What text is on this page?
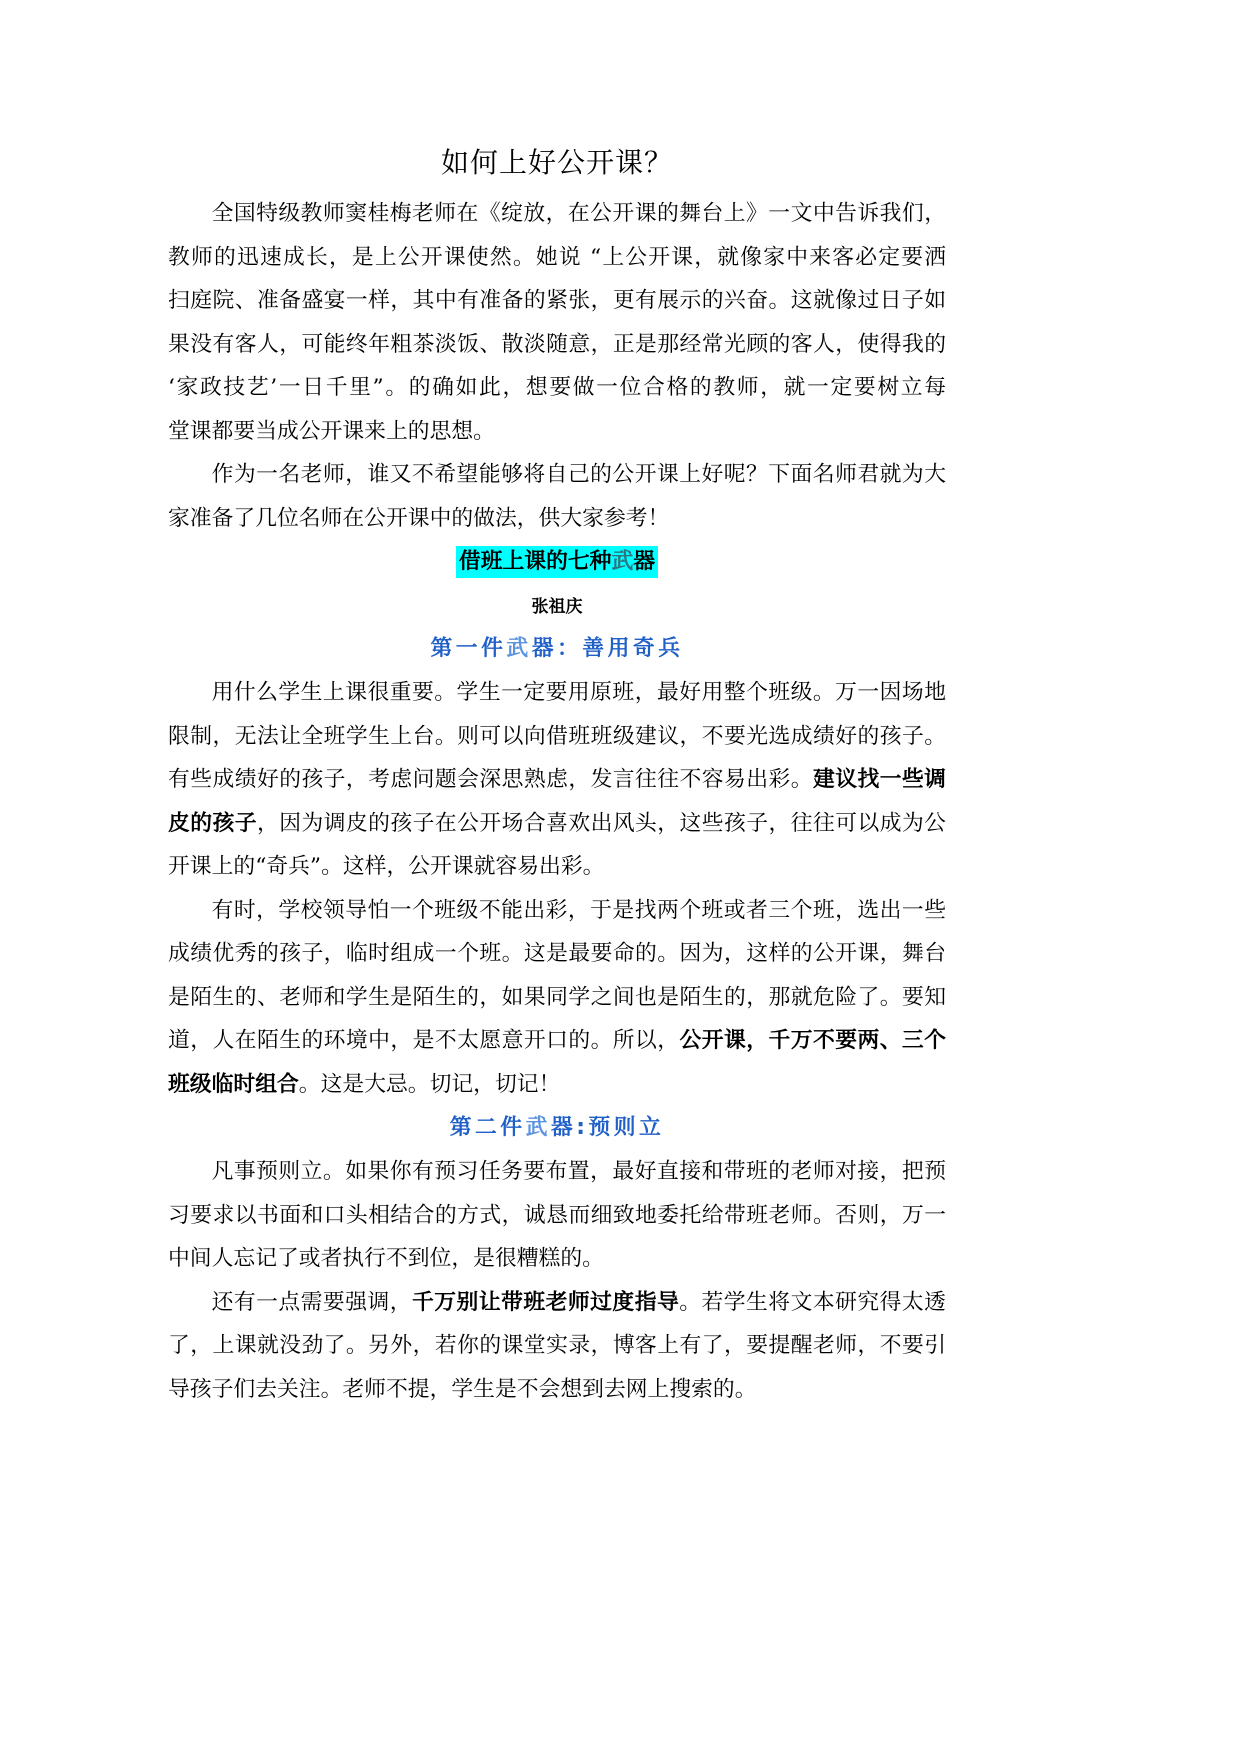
如何上好公开课？
全国特级教师窦桂梅老师在《绽放，在公开课的舞台上》一文中告诉我们，
教师的迅速成长，是上公开课使然。她说 “上公开课，就像家中来客必定要洒
扫庭院、准备盛宴一样，其中有准备的紧张，更有展示的兴奋。这就像过日子如
果没有客人，可能终年粗茶淡饭、散淡随意，正是那经常光顾的客人，使得我的
‘家政技艺’一日千里”。的确如此，想要做一位合格的教师，就一定要树立每
堂课都要当成公开课来上的思想。
作为一名老师，谁又不希望能够将自己的公开课上好呢？下面名师君就为大
家准备了几位名师在公开课中的做法，供大家参考！
借班上课的七种武器
张祖庆
第一件武器：善用奇兵
用什么学生上课很重要。学生一定要用原班，最好用整个班级。万一因场地
限制，无法让全班学生上台。则可以向借班班级建议，不要光选成绩好的孩子。
有些成绩好的孩子，考虑问题会深思熟虑，发言往往不容易出彩。建议找一些调
皮的孩子，因为调皮的孩子在公开场合喜欢出风头，这些孩子，往往可以成为公
开课上的“奇兵”。这样，公开课就容易出彩。
有时，学校领导怕一个班级不能出彩，于是找两个班或者三个班，选出一些
成绩优秀的孩子，临时组成一个班。这是最要命的。因为，这样的公开课，舞台
是陌生的、老师和学生是陌生的，如果同学之间也是陌生的，那就危险了。要知
道，人在陌生的环境中，是不太愿意开口的。所以，公开课，千万不要两、三个
班级临时组合。这是大忌。切记，切记！
第二件武器:预则立
凡事预则立。如果你有预习任务要布置，最好直接和带班的老师对接，把预
习要求以书面和口头相结合的方式，诚恳而细致地委托给带班老师。否则，万一
中间人忘记了或者执行不到位，是很糟糕的。
还有一点需要强调，千万别让带班老师过度指导。若学生将文本研究得太透
了，上课就没劲了。另外，若你的课堂实录，博客上有了，要提醒老师，不要引
导孩子们去关注。老师不提，学生是不会想到去网上搜索的。
